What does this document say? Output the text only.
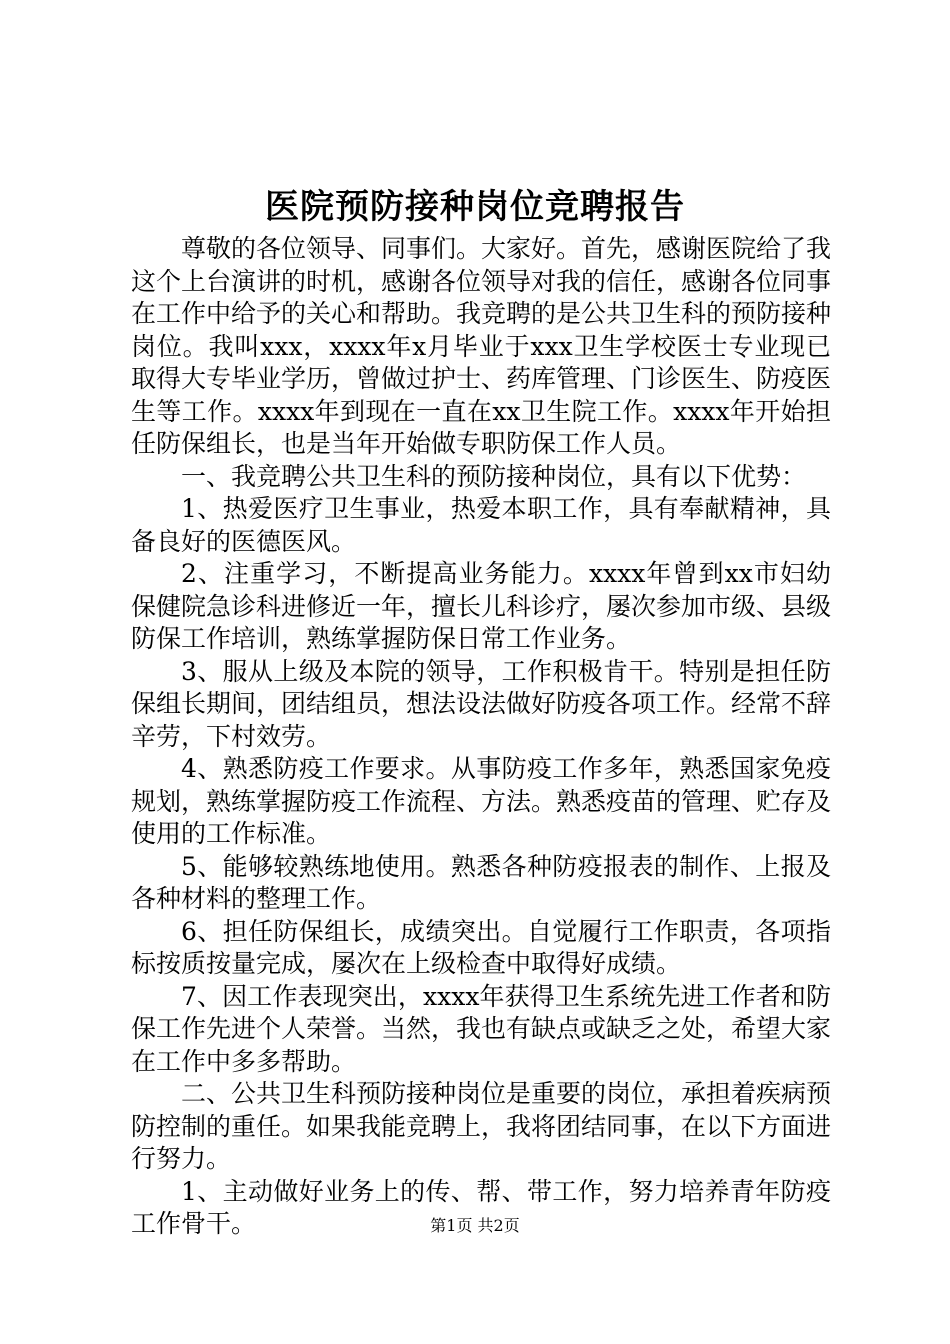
医院预防接种岗位竞聘报告

尊敬的各位领导、同事们。大家好。首先，感谢医院给了我这个上台演讲的时机，感谢各位领导对我的信任，感谢各位同事在工作中给予的关心和帮助。我竞聘的是公共卫生科的预防接种岗位。我叫xxx，xxxx年x月毕业于xxx卫生学校医士专业现已取得大专毕业学历，曾做过护士、药库管理、门诊医生、防疫医生等工作。xxxx年到现在一直在xx卫生院工作。xxxx年开始担任防保组长，也是当年开始做专职防保工作人员。

一、我竞聘公共卫生科的预防接种岗位，具有以下优势：

1、热爱医疗卫生事业，热爱本职工作，具有奉献精神，具备良好的医德医风。

2、注重学习，不断提高业务能力。xxxx年曾到xx市妇幼保健院急诊科进修近一年，擅长儿科诊疗，屡次参加市级、县级防保工作培训，熟练掌握防保日常工作业务。

3、服从上级及本院的领导，工作积极肯干。特别是担任防保组长期间，团结组员，想法设法做好防疫各项工作。经常不辞辛劳，下村效劳。

4、熟悉防疫工作要求。从事防疫工作多年，熟悉国家免疫规划，熟练掌握防疫工作流程、方法。熟悉疫苗的管理、贮存及使用的工作标准。

5、能够较熟练地使用。熟悉各种防疫报表的制作、上报及各种材料的整理工作。

6、担任防保组长，成绩突出。自觉履行工作职责，各项指标按质按量完成，屡次在上级检查中取得好成绩。

7、因工作表现突出，xxxx年获得卫生系统先进工作者和防保工作先进个人荣誉。当然，我也有缺点或缺乏之处，希望大家在工作中多多帮助。

二、公共卫生科预防接种岗位是重要的岗位，承担着疾病预防控制的重任。如果我能竞聘上，我将团结同事，在以下方面进行努力。

1、主动做好业务上的传、帮、带工作，努力培养青年防疫工作骨干。	第1页 共2页
